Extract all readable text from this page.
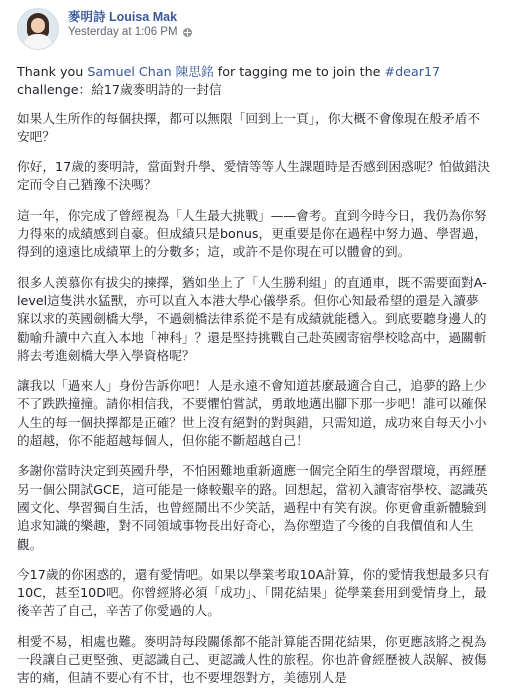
麥明詩 Louisa Mak
Yesterday at 1:06 PM

Thank you Samuel Chan 陳思銘 for tagging me to join the #dear17 challenge：給17歲麥明詩的一封信

如果人生所作的每個抉擇，都可以無限「回到上一頁」，你大概不會像現在般矛盾不安吧？

你好，17歲的麥明詩，當面對升學、愛情等等人生課題時是否感到困惑呢？怕做錯決定而令自己猶豫不決嗎？

這一年，你完成了曾經視為「人生最大挑戰」——會考。直到今時今日，我仍為你努力得來的成績感到自豪。但成績只是bonus，更重要是你在過程中努力過、學習過，得到的遠遠比成績單上的分數多；這，或許不是你現在可以體會的到。

很多人羡慕你有拔尖的揀擇，猶如坐上了「人生勝利組」的直通車，既不需要面對A-level這隻洪水猛獸，亦可以直入本港大學心儀學系。但你心知最希望的還是入讀夢寐以求的英國劍橋大學，不過劍橋法律系從不是有成績就能穩入。到底要聽身邊人的勸喻升讀中六直入本地「神科」？還是堅持挑戰自己赴英國寄宿學校唸高中，過關斬將去考進劍橋大學入學資格呢？

讓我以「過來人」身份告訴你吧！人是永遠不會知道甚麼最適合自己，追夢的路上少不了跌跌撞撞。請你相信我，不要懼怕嘗試，勇敢地邁出腳下那一步吧！誰可以確保人生的每一個抉擇都是正確？世上沒有絕對的對與錯，只需知道，成功來自每天小小的超越，你不能超越每個人，但你能不斷超越自己！

多謝你當時決定到英國升學，不怕困難地重新適應一個完全陌生的學習環境，再經歷另一個公開試GCE，這可能是一條較艱辛的路。回想起，當初入讀寄宿學校、認識英國文化、學習獨自生活，也曾經鬧出不少笑話，過程中有笑有淚。你更會重新體驗到追求知識的樂趣，對不同領域事物長出好奇心，為你塑造了今後的自我價值和人生觀。

今17歲的你困惑的，還有愛情吧。如果以學業考取10A計算，你的愛情我想最多只有10C，甚至10D吧。你曾經將必須「成功」、「開花結果」從學業套用到愛情身上，最後辛苦了自己，辛苦了你愛過的人。

相愛不易，相處也難。麥明詩每段關係都不能計算能否開花結果，你更應該將之視為一段讓自己更堅強、更認識自己、更認識人性的旅程。你也許會經歷被人誤解、被傷害的痛，但請不要心有不甘，也不要埋怨對方，美德別人是
